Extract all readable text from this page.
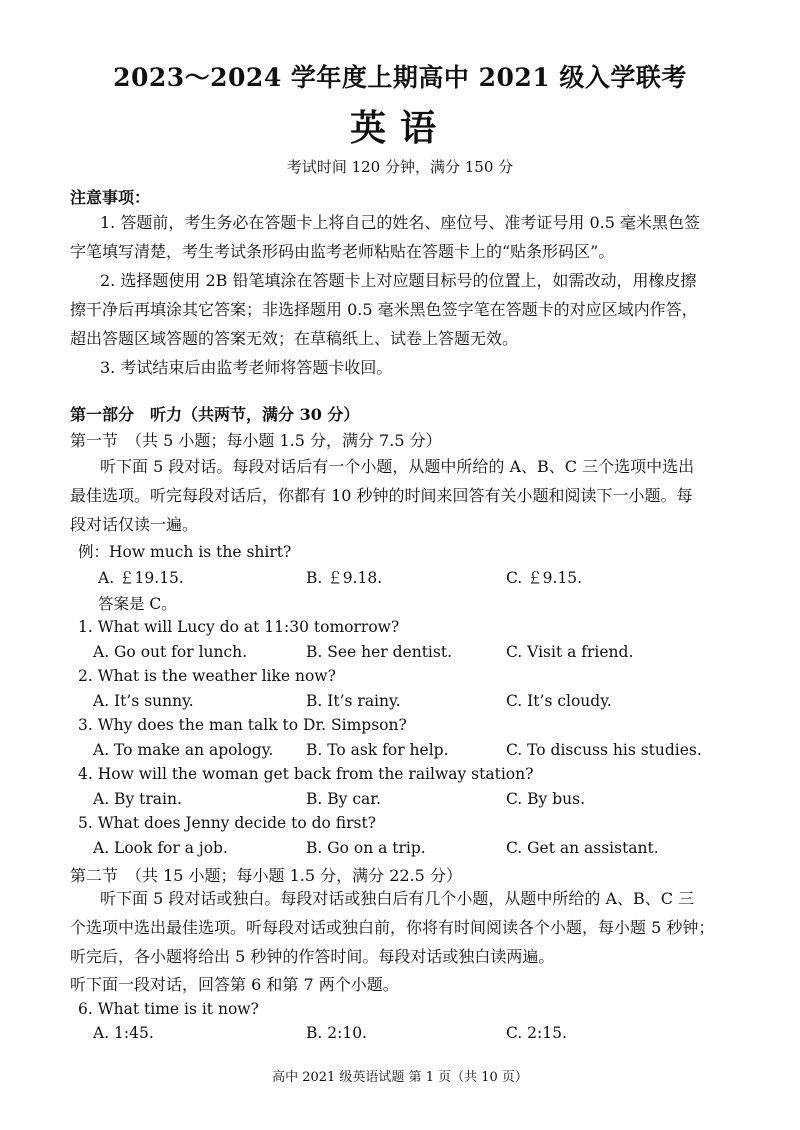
2023～2024 学年度上期高中 2021 级入学联考
英语
考试时间 120 分钟，满分 150 分
注意事项：
1. 答题前，考生务必在答题卡上将自己的姓名、座位号、准考证号用 0.5 毫米黑色签
字笔填写清楚，考生考试条形码由监考老师粘贴在答题卡上的“贴条形码区”。
2. 选择题使用 2B 铅笔填涂在答题卡上对应题目标号的位置上，如需改动，用橡皮擦
擦干净后再填涂其它答案；非选择题用 0.5 毫米黑色签字笔在答题卡的对应区域内作答，
超出答题区域答题的答案无效；在草稿纸上、试卷上答题无效。
3. 考试结束后由监考老师将答题卡收回。
第一部分　听力（共两节，满分 30 分）
第一节　（共 5 小题；每小题 1.5 分，满分 7.5 分）
听下面 5 段对话。每段对话后有一个小题，从题中所给的 A、B、C 三个选项中选出
最佳选项。听完每段对话后，你都有 10 秒钟的时间来回答有关小题和阅读下一小题。每
段对话仅读一遍。
例：How much is the shirt?
A. ￡19.15.	B. ￡9.18.	C. ￡9.15.
答案是 C。
1. What will Lucy do at 11:30 tomorrow?
A. Go out for lunch.	B. See her dentist.	C. Visit a friend.
2. What is the weather like now?
A. It’s sunny.	B. It’s rainy.	C. It’s cloudy.
3. Why does the man talk to Dr. Simpson?
A. To make an apology. B. To ask for help.	C. To discuss his studies.
4. How will the woman get back from the railway station?
A. By train.	B. By car.	C. By bus.
5. What does Jenny decide to do first?
A. Look for a job.	B. Go on a trip.	C. Get an assistant.
第二节　（共 15 小题；每小题 1.5 分，满分 22.5 分）
听下面 5 段对话或独白。每段对话或独白后有几个小题，从题中所给的 A、B、C 三
个选项中选出最佳选项。听每段对话或独白前，你将有时间阅读各个小题，每小题 5 秒钟；
听完后，各小题将给出 5 秒钟的作答时间。每段对话或独白读两遍。
听下面一段对话，回答第 6 和第 7 两个小题。
6. What time is it now?
A. 1:45.	B. 2:10.	C. 2:15.
高中 2021 级英语试题 第 1 页（共 10 页）
